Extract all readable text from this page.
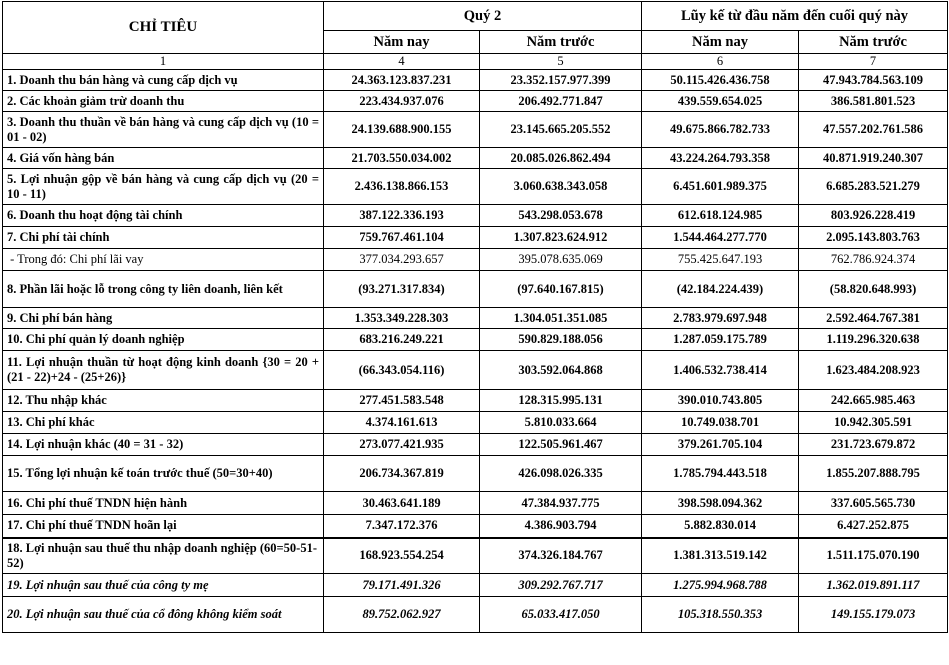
CHỈ TIÊU	Quý 2		Lũy kế từ đầu năm đến cuối quý này	
	Năm nay	Năm trước	Năm nay	Năm trước
1	4	5	6	7
1. Doanh thu bán hàng và cung cấp dịch vụ	24.363.123.837.231	23.352.157.977.399	50.115.426.436.758	47.943.784.563.109
2. Các khoản giảm trừ doanh thu	223.434.937.076	206.492.771.847	439.559.654.025	386.581.801.523
3. Doanh thu thuần về bán hàng và cung cấp dịch vụ (10 = 01 - 02)	24.139.688.900.155	23.145.665.205.552	49.675.866.782.733	47.557.202.761.586
4. Giá vốn hàng bán	21.703.550.034.002	20.085.026.862.494	43.224.264.793.358	40.871.919.240.307
5. Lợi nhuận gộp về bán hàng và cung cấp dịch vụ (20 = 10 - 11)	2.436.138.866.153	3.060.638.343.058	6.451.601.989.375	6.685.283.521.279
6. Doanh thu hoạt động tài chính	387.122.336.193	543.298.053.678	612.618.124.985	803.926.228.419
7. Chi phí tài chính	759.767.461.104	1.307.823.624.912	1.544.464.277.770	2.095.143.803.763
- Trong đó: Chi phí lãi vay	377.034.293.657	395.078.635.069	755.425.647.193	762.786.924.374
8. Phần lãi hoặc lỗ trong công ty liên doanh, liên kết	(93.271.317.834)	(97.640.167.815)	(42.184.224.439)	(58.820.648.993)
9. Chi phí bán hàng	1.353.349.228.303	1.304.051.351.085	2.783.979.697.948	2.592.464.767.381
10. Chi phí quản lý doanh nghiệp	683.216.249.221	590.829.188.056	1.287.059.175.789	1.119.296.320.638
11. Lợi nhuận thuần từ hoạt động kinh doanh {30 = 20 + (21 - 22)+24 - (25+26)}	(66.343.054.116)	303.592.064.868	1.406.532.738.414	1.623.484.208.923
12. Thu nhập khác	277.451.583.548	128.315.995.131	390.010.743.805	242.665.985.463
13. Chi phí khác	4.374.161.613	5.810.033.664	10.749.038.701	10.942.305.591
14. Lợi nhuận khác (40 = 31 - 32)	273.077.421.935	122.505.961.467	379.261.705.104	231.723.679.872
15. Tổng lợi nhuận kế toán trước thuế (50=30+40)	206.734.367.819	426.098.026.335	1.785.794.443.518	1.855.207.888.795
16. Chi phí thuế TNDN hiện hành	30.463.641.189	47.384.937.775	398.598.094.362	337.605.565.730
17. Chi phí thuế TNDN hoãn lại	7.347.172.376	4.386.903.794	5.882.830.014	6.427.252.875
18. Lợi nhuận sau thuế thu nhập doanh nghiệp (60=50-51-52)	168.923.554.254	374.326.184.767	1.381.313.519.142	1.511.175.070.190
19. Lợi nhuận sau thuế của công ty mẹ	79.171.491.326	309.292.767.717	1.275.994.968.788	1.362.019.891.117
20. Lợi nhuận sau thuế của cổ đông không kiểm soát	89.752.062.927	65.033.417.050	105.318.550.353	149.155.179.073
